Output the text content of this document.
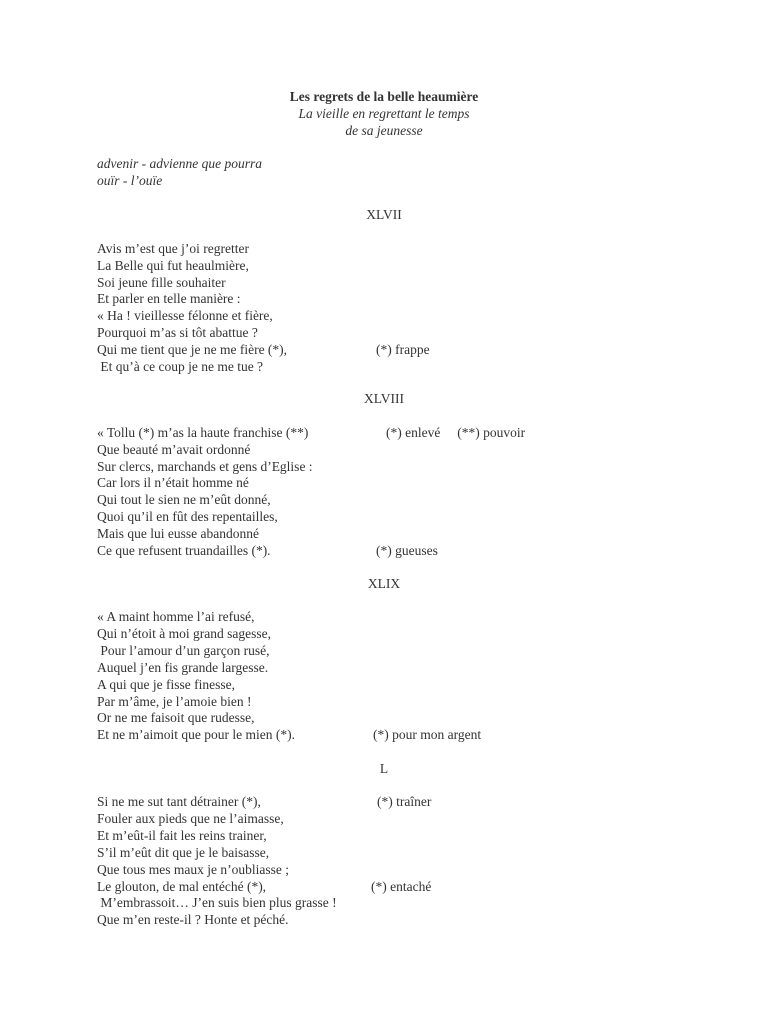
Les regrets de la belle heaumière
La vieille en regrettant le temps
de sa jeunesse
advenir - advienne que pourra
ouïr - l’ouïe
XLVII
Avis m’est que j’oi regretter
La Belle qui fut heaulmière,
Soi jeune fille souhaiter
Et parler en telle manière :
« Ha ! vieillesse félonne et fière,
Pourquoi m’as si tôt abattue ?
Qui me tient que je ne me fière (*),	(*) frappe
Et qu’à ce coup je ne me tue ?
XLVIII
« Tollu (*) m’as la haute franchise (**)	(*) enlevé     (**) pouvoir
Que beauté m’avait ordonné
Sur clercs, marchands et gens d’Eglise :
Car lors il n’était homme né
Qui tout le sien ne m’eût donné,
Quoi qu’il en fût des repentailles,
Mais que lui eusse abandonné
Ce que refusent truandailles (*).	(*) gueuses
XLIX
« A maint homme l’ai refusé,
Qui n’étoit à moi grand sagesse,
Pour l’amour d’un garçon rusé,
Auquel j’en fis grande largesse.
A qui que je fisse finesse,
Par m’âme, je l’amoie bien !
Or ne me faisoit que rudesse,
Et ne m’aimoit que pour le mien (*).	(*) pour mon argent
L
Si ne me sut tant détrainer (*),	(*) traîner
Fouler aux pieds que ne l’aimasse,
Et m’eût-il fait les reins trainer,
S’il m’eût dit que je le baisasse,
Que tous mes maux je n’oubliasse ;
Le glouton, de mal entéché (*),	(*) entaché
M’embrassoit… J’en suis bien plus grasse !
Que m’en reste-il ? Honte et péché.
